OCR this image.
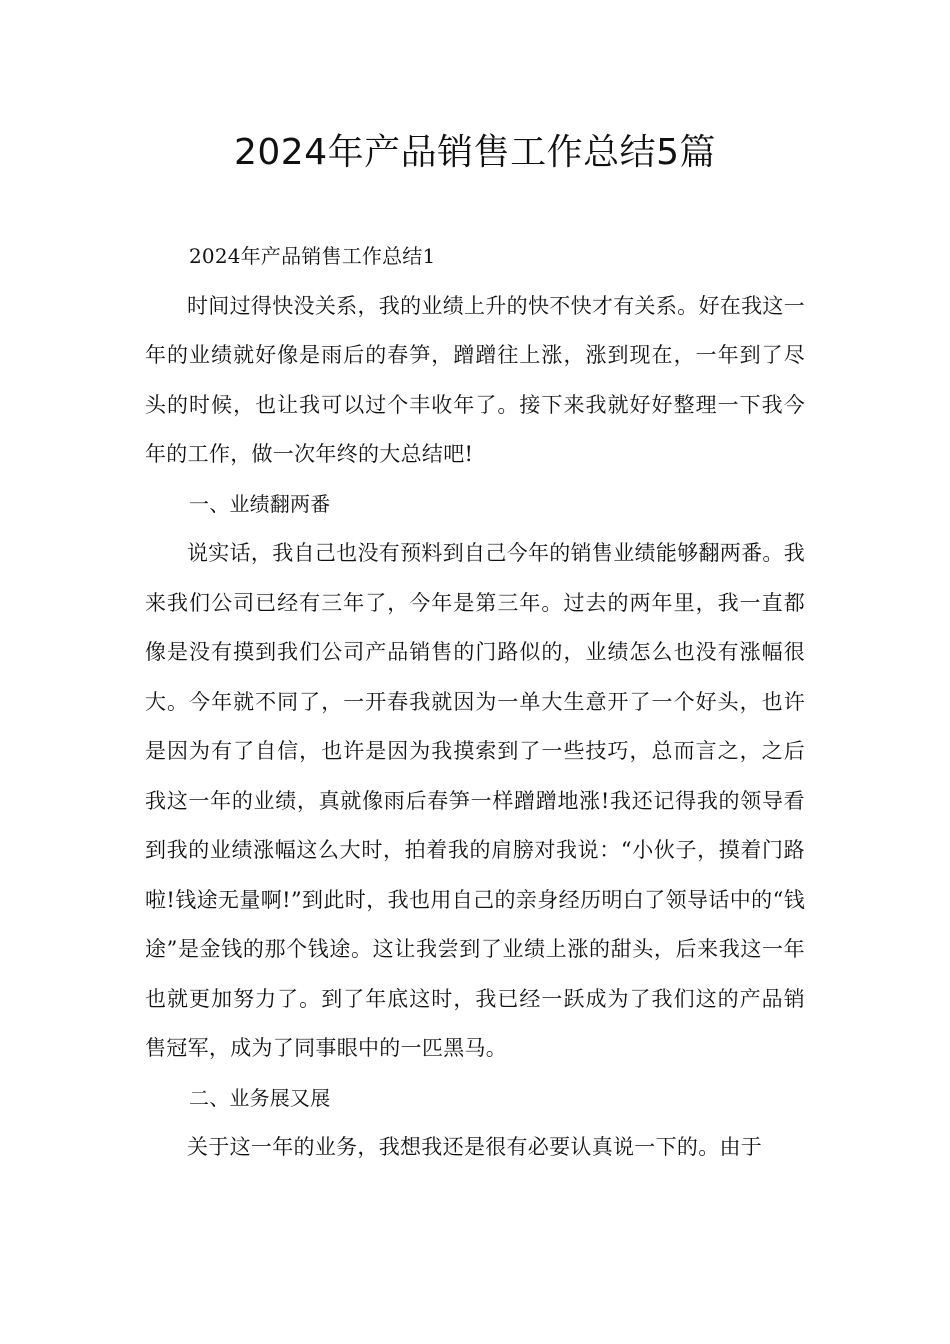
2024年产品销售工作总结5篇

2024年产品销售工作总结1

时间过得快没关系，我的业绩上升的快不快才有关系。好在我这一年的业绩就好像是雨后的春笋，蹭蹭往上涨，涨到现在，一年到了尽头的时候，也让我可以过个丰收年了。接下来我就好好整理一下我今年的工作，做一次年终的大总结吧!

一、业绩翻两番

说实话，我自己也没有预料到自己今年的销售业绩能够翻两番。我来我们公司已经有三年了，今年是第三年。过去的两年里，我一直都像是没有摸到我们公司产品销售的门路似的，业绩怎么也没有涨幅很大。今年就不同了，一开春我就因为一单大生意开了一个好头，也许是因为有了自信，也许是因为我摸索到了一些技巧，总而言之，之后我这一年的业绩，真就像雨后春笋一样蹭蹭地涨!我还记得我的领导看到我的业绩涨幅这么大时，拍着我的肩膀对我说：“小伙子，摸着门路啦!钱途无量啊!”到此时，我也用自己的亲身经历明白了领导话中的“钱途”是金钱的那个钱途。这让我尝到了业绩上涨的甜头，后来我这一年也就更加努力了。到了年底这时，我已经一跃成为了我们这的产品销售冠军，成为了同事眼中的一匹黑马。

二、业务展又展

关于这一年的业务，我想我还是很有必要认真说一下的。由于
